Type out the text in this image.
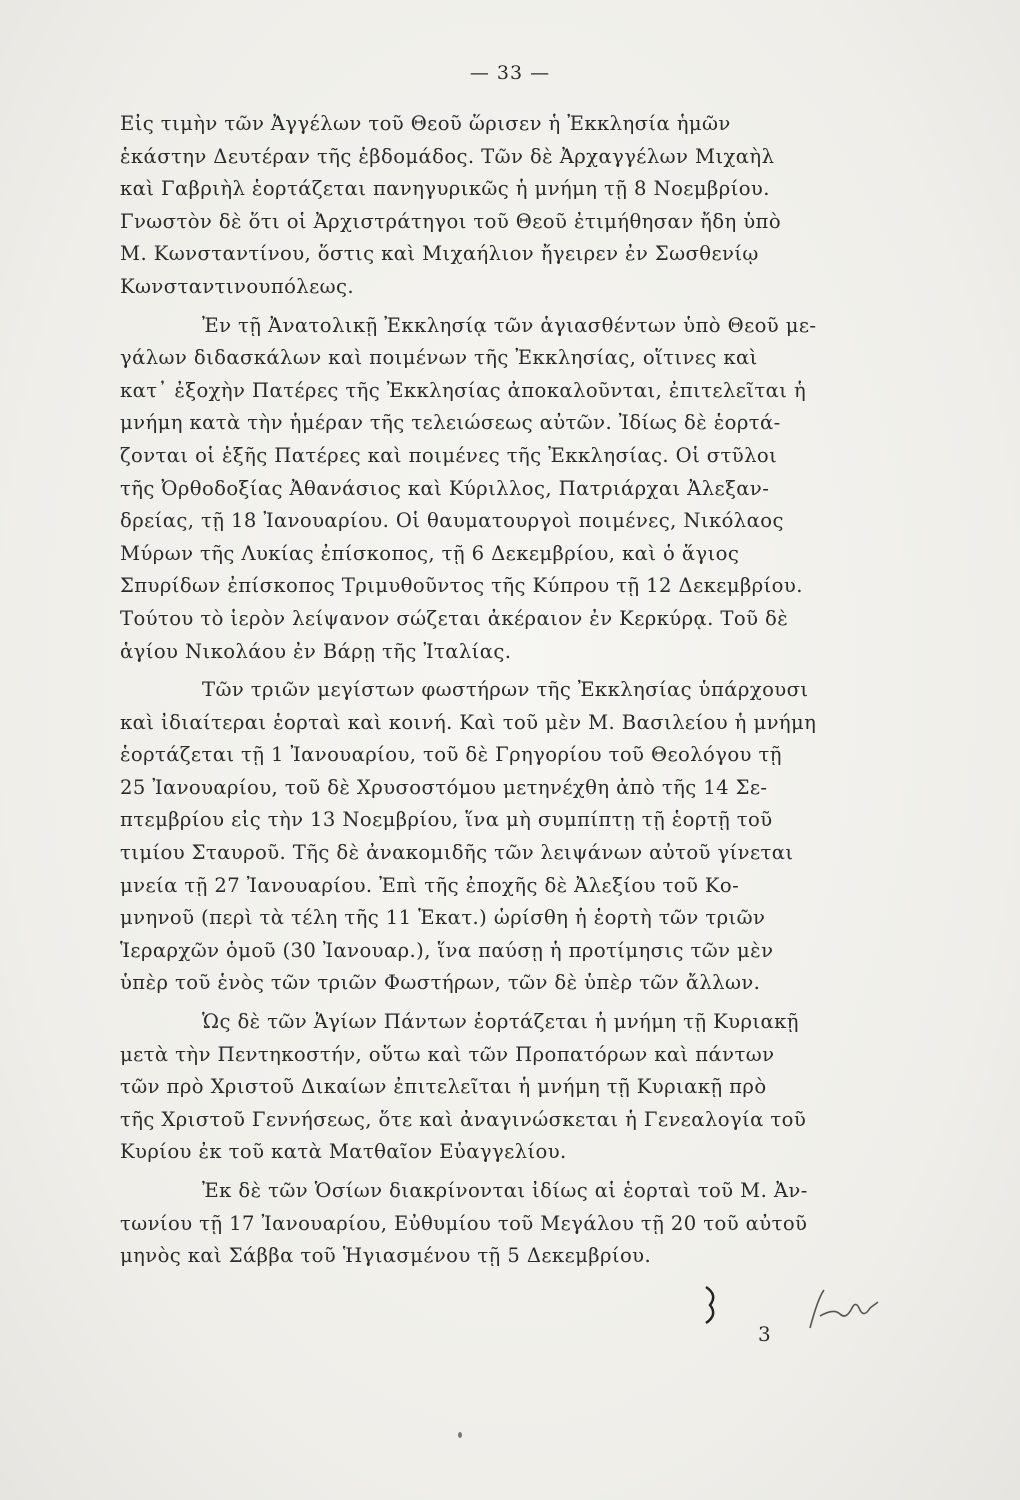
— 33 —

Εἰς τιμὴν τῶν Ἀγγέλων τοῦ Θεοῦ ὥρισεν ἡ Ἐκκλησία ἡμῶν
ἑκάστην Δευτέραν τῆς ἑβδομάδος. Τῶν δὲ Ἀρχαγγέλων Μιχαὴλ
καὶ Γαβριὴλ ἑορτάζεται πανηγυρικῶς ἡ μνήμη τῇ 8 Νοεμβρίου.
Γνωστὸν δὲ ὅτι οἱ Ἀρχιστράτηγοι τοῦ Θεοῦ ἐτιμήθησαν ἤδη ὑπὸ
Μ. Κωνσταντίνου, ὅστις καὶ Μιχαήλιον ἤγειρεν ἐν Σωσθενίῳ
Κωνσταντινουπόλεως.

Ἐν τῇ Ἀνατολικῇ Ἐκκλησίᾳ τῶν ἁγιασθέντων ὑπὸ Θεοῦ με-
γάλων διδασκάλων καὶ ποιμένων τῆς Ἐκκλησίας, οἵτινες καὶ
κατ᾽ ἐξοχὴν Πατέρες τῆς Ἐκκλησίας ἀποκαλοῦνται, ἐπιτελεῖται ἡ
μνήμη κατὰ τὴν ἡμέραν τῆς τελειώσεως αὐτῶν. Ἰδίως δὲ ἑορτά-
ζονται οἱ ἑξῆς Πατέρες καὶ ποιμένες τῆς Ἐκκλησίας. Οἱ στῦλοι
τῆς Ὀρθοδοξίας Ἀθανάσιος καὶ Κύριλλος, Πατριάρχαι Ἀλεξαν-
δρείας, τῇ 18 Ἰανουαρίου. Οἱ θαυματουργοὶ ποιμένες, Νικόλαος
Μύρων τῆς Λυκίας ἐπίσκοπος, τῇ 6 Δεκεμβρίου, καὶ ὁ ἅγιος
Σπυρίδων ἐπίσκοπος Τριμυθοῦντος τῆς Κύπρου τῇ 12 Δεκεμβρίου.
Τούτου τὸ ἱερὸν λείψανον σώζεται ἀκέραιον ἐν Κερκύρᾳ. Τοῦ δὲ
ἁγίου Νικολάου ἐν Βάρῃ τῆς Ἰταλίας.

Τῶν τριῶν μεγίστων φωστήρων τῆς Ἐκκλησίας ὑπάρχουσι
καὶ ἰδιαίτεραι ἑορταὶ καὶ κοινή. Καὶ τοῦ μὲν Μ. Βασιλείου ἡ μνήμη
ἑορτάζεται τῇ 1 Ἰανουαρίου, τοῦ δὲ Γρηγορίου τοῦ Θεολόγου τῇ
25 Ἰανουαρίου, τοῦ δὲ Χρυσοστόμου μετηνέχθη ἀπὸ τῆς 14 Σε-
πτεμβρίου εἰς τὴν 13 Νοεμβρίου, ἵνα μὴ συμπίπτῃ τῇ ἑορτῇ τοῦ
τιμίου Σταυροῦ. Τῆς δὲ ἀνακομιδῆς τῶν λειψάνων αὐτοῦ γίνεται
μνεία τῇ 27 Ἰανουαρίου. Ἐπὶ τῆς ἐποχῆς δὲ Ἀλεξίου τοῦ Κο-
μνηνοῦ (περὶ τὰ τέλη τῆς 11 Ἑκατ.) ὡρίσθη ἡ ἑορτὴ τῶν τριῶν
Ἱεραρχῶν ὁμοῦ (30 Ἰανουαρ.), ἵνα παύσῃ ἡ προτίμησις τῶν μὲν
ὑπὲρ τοῦ ἑνὸς τῶν τριῶν Φωστήρων, τῶν δὲ ὑπὲρ τῶν ἄλλων.

Ὡς δὲ τῶν Ἁγίων Πάντων ἑορτάζεται ἡ μνήμη τῇ Κυριακῇ
μετὰ τὴν Πεντηκοστήν, οὕτω καὶ τῶν Προπατόρων καὶ πάντων
τῶν πρὸ Χριστοῦ Δικαίων ἐπιτελεῖται ἡ μνήμη τῇ Κυριακῇ πρὸ
τῆς Χριστοῦ Γεννήσεως, ὅτε καὶ ἀναγινώσκεται ἡ Γενεαλογία τοῦ
Κυρίου ἐκ τοῦ κατὰ Ματθαῖον Εὐαγγελίου.

Ἐκ δὲ τῶν Ὁσίων διακρίνονται ἰδίως αἱ ἑορταὶ τοῦ Μ. Ἀν-
τωνίου τῇ 17 Ἰανουαρίου, Εὐθυμίου τοῦ Μεγάλου τῇ 20 τοῦ αὐτοῦ
μηνὸς καὶ Σάββα τοῦ Ἡγιασμένου τῇ 5 Δεκεμβρίου.

3
